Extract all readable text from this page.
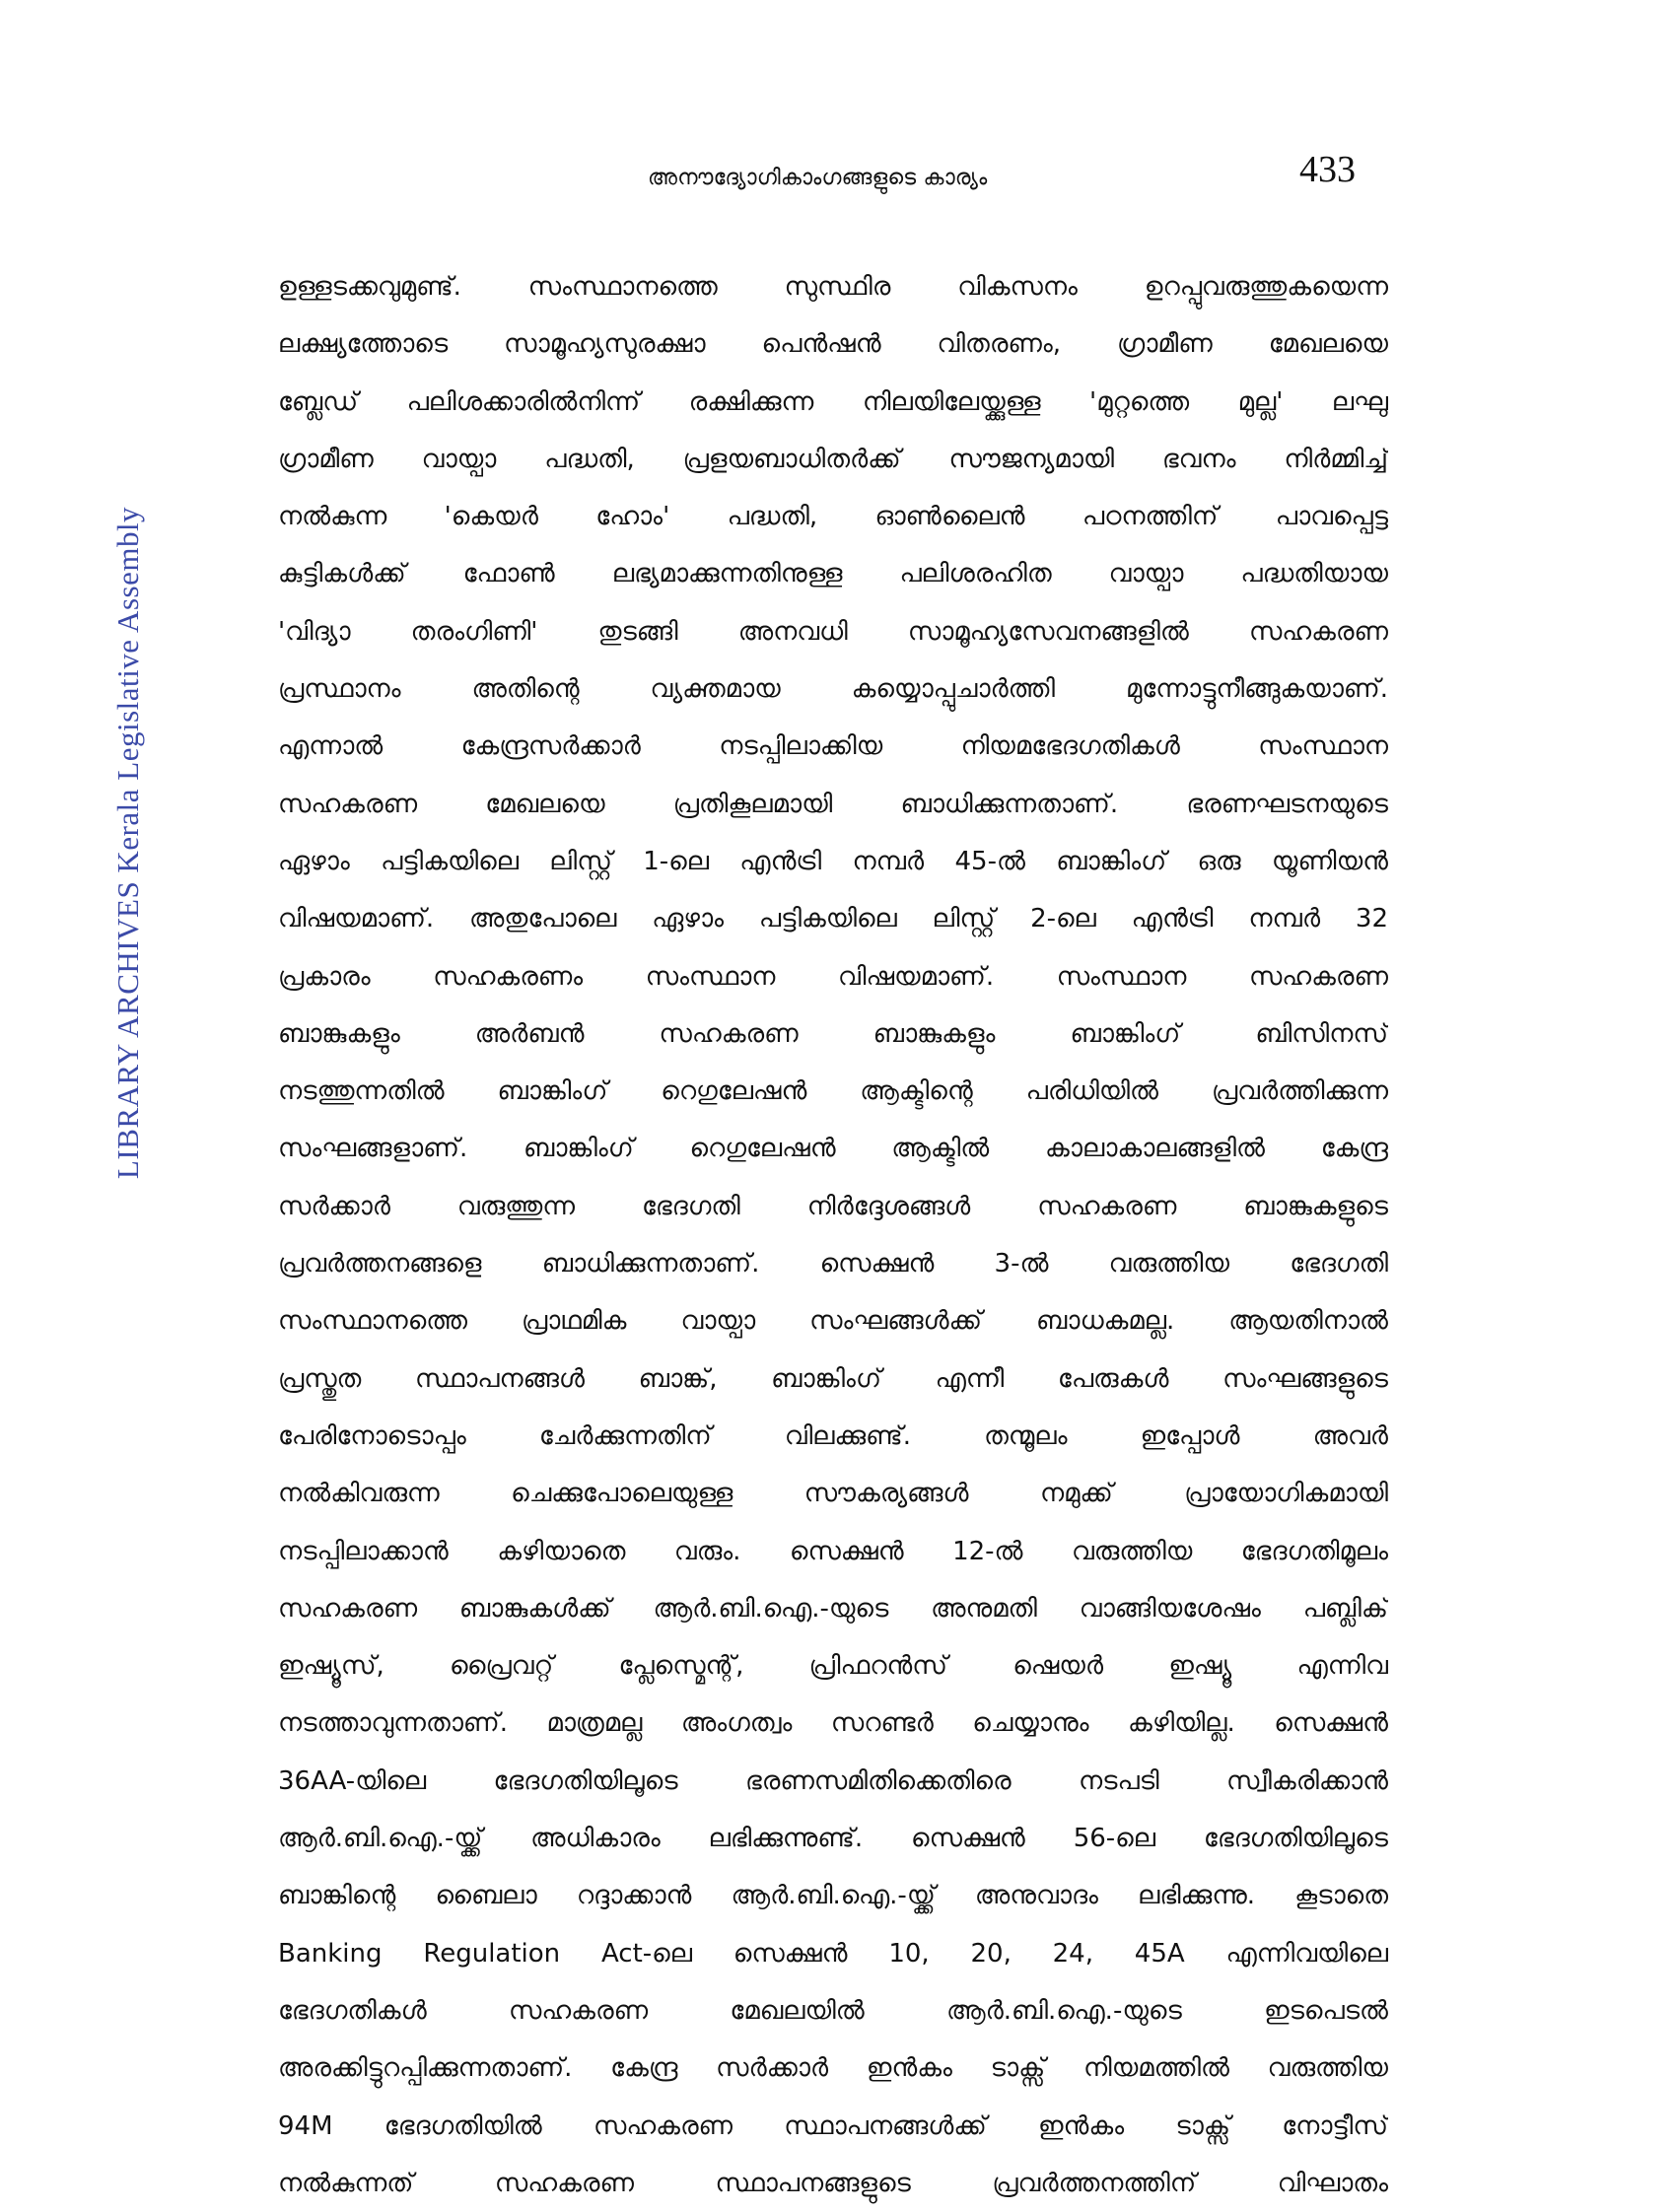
അനൗദ്യോഗികാംഗങ്ങളുടെ കാര്യം	433
LIBRARY ARCHIVES Kerala Legislative Assembly
ഉള്ളടക്കവുമുണ്ട്. സംസ്ഥാനത്തെ സുസ്ഥിര വികസനം ഉറപ്പുവരുത്തുകയെന്ന
ലക്ഷ്യത്തോടെ സാമൂഹ്യസുരക്ഷാ പെൻഷൻ വിതരണം, ഗ്രാമീണ മേഖലയെ
ബ്ലേഡ് പലിശക്കാരിൽനിന്ന് രക്ഷിക്കുന്ന നിലയിലേയ്ക്കുള്ള 'മുറ്റത്തെ മുല്ല' ലഘു
ഗ്രാമീണ വായ്പാ പദ്ധതി, പ്രളയബാധിതർക്ക് സൗജന്യമായി ഭവനം നിർമ്മിച്ച്
നൽകുന്ന 'കെയർ ഹോം' പദ്ധതി, ഓൺലൈൻ പഠനത്തിന് പാവപ്പെട്ട
കുട്ടികൾക്ക് ഫോൺ ലഭ്യമാക്കുന്നതിനുള്ള പലിശരഹിത വായ്പാ പദ്ധതിയായ
'വിദ്യാ തരംഗിണി' തുടങ്ങി അനവധി സാമൂഹ്യസേവനങ്ങളിൽ സഹകരണ
പ്രസ്ഥാനം അതിന്റെ വ്യക്തമായ കയ്യൊപ്പുചാർത്തി മുന്നോട്ടുനീങ്ങുകയാണ്.
എന്നാൽ കേന്ദ്രസർക്കാർ നടപ്പിലാക്കിയ നിയമഭേദഗതികൾ സംസ്ഥാന
സഹകരണ മേഖലയെ പ്രതികൂലമായി ബാധിക്കുന്നതാണ്. ഭരണഘടനയുടെ
ഏഴാം പട്ടികയിലെ ലിസ്റ്റ് 1-ലെ എൻട്രി നമ്പർ 45-ൽ ബാങ്കിംഗ് ഒരു യൂണിയൻ
വിഷയമാണ്. അതുപോലെ ഏഴാം പട്ടികയിലെ ലിസ്റ്റ് 2-ലെ എൻട്രി നമ്പർ 32
പ്രകാരം സഹകരണം സംസ്ഥാന വിഷയമാണ്. സംസ്ഥാന സഹകരണ
ബാങ്കുകളും അർബൻ സഹകരണ ബാങ്കുകളും ബാങ്കിംഗ് ബിസിനസ്
നടത്തുന്നതിൽ ബാങ്കിംഗ് റെഗുലേഷൻ ആക്ടിന്റെ പരിധിയിൽ പ്രവർത്തിക്കുന്ന
സംഘങ്ങളാണ്. ബാങ്കിംഗ് റെഗുലേഷൻ ആക്ടിൽ കാലാകാലങ്ങളിൽ കേന്ദ്ര
സർക്കാർ വരുത്തുന്ന ഭേദഗതി നിർദ്ദേശങ്ങൾ സഹകരണ ബാങ്കുകളുടെ
പ്രവർത്തനങ്ങളെ ബാധിക്കുന്നതാണ്. സെക്ഷൻ 3-ൽ വരുത്തിയ ഭേദഗതി
സംസ്ഥാനത്തെ പ്രാഥമിക വായ്പാ സംഘങ്ങൾക്ക് ബാധകമല്ല. ആയതിനാൽ
പ്രസ്തുത സ്ഥാപനങ്ങൾ ബാങ്ക്, ബാങ്കിംഗ് എന്നീ പേരുകൾ സംഘങ്ങളുടെ
പേരിനോടൊപ്പം ചേർക്കുന്നതിന് വിലക്കുണ്ട്. തന്മൂലം ഇപ്പോൾ അവർ
നൽകിവരുന്ന ചെക്കുപോലെയുള്ള സൗകര്യങ്ങൾ നമുക്ക് പ്രായോഗികമായി
നടപ്പിലാക്കാൻ കഴിയാതെ വരും. സെക്ഷൻ 12-ൽ വരുത്തിയ ഭേദഗതിമൂലം
സഹകരണ ബാങ്കുകൾക്ക് ആർ.ബി.ഐ.-യുടെ അനുമതി വാങ്ങിയശേഷം പബ്ലിക്
ഇഷ്യൂസ്, പ്രൈവറ്റ് പ്ലേസ്മെന്റ്, പ്രിഫറൻസ് ഷെയർ ഇഷ്യൂ എന്നിവ
നടത്താവുന്നതാണ്. മാത്രമല്ല അംഗത്വം സറണ്ടർ ചെയ്യാനും കഴിയില്ല. സെക്ഷൻ
36AA-യിലെ ഭേദഗതിയിലൂടെ ഭരണസമിതിക്കെതിരെ നടപടി സ്വീകരിക്കാൻ
ആർ.ബി.ഐ.-യ്ക്ക് അധികാരം ലഭിക്കുന്നുണ്ട്. സെക്ഷൻ 56-ലെ ഭേദഗതിയിലൂടെ
ബാങ്കിന്റെ ബൈലാ റദ്ദാക്കാൻ ആർ.ബി.ഐ.-യ്ക്ക് അനുവാദം ലഭിക്കുന്നു. കൂടാതെ
Banking Regulation Act-ലെ സെക്ഷൻ 10, 20, 24, 45A എന്നിവയിലെ
ഭേദഗതികൾ സഹകരണ മേഖലയിൽ ആർ.ബി.ഐ.-യുടെ ഇടപെടൽ
അരക്കിട്ടുറപ്പിക്കുന്നതാണ്. കേന്ദ്ര സർക്കാർ ഇൻകം ടാക്സ് നിയമത്തിൽ വരുത്തിയ
94M ഭേദഗതിയിൽ സഹകരണ സ്ഥാപനങ്ങൾക്ക് ഇൻകം ടാക്സ് നോട്ടീസ്
നൽകുന്നത് സഹകരണ സ്ഥാപനങ്ങളുടെ പ്രവർത്തനത്തിന് വിഘാതം
